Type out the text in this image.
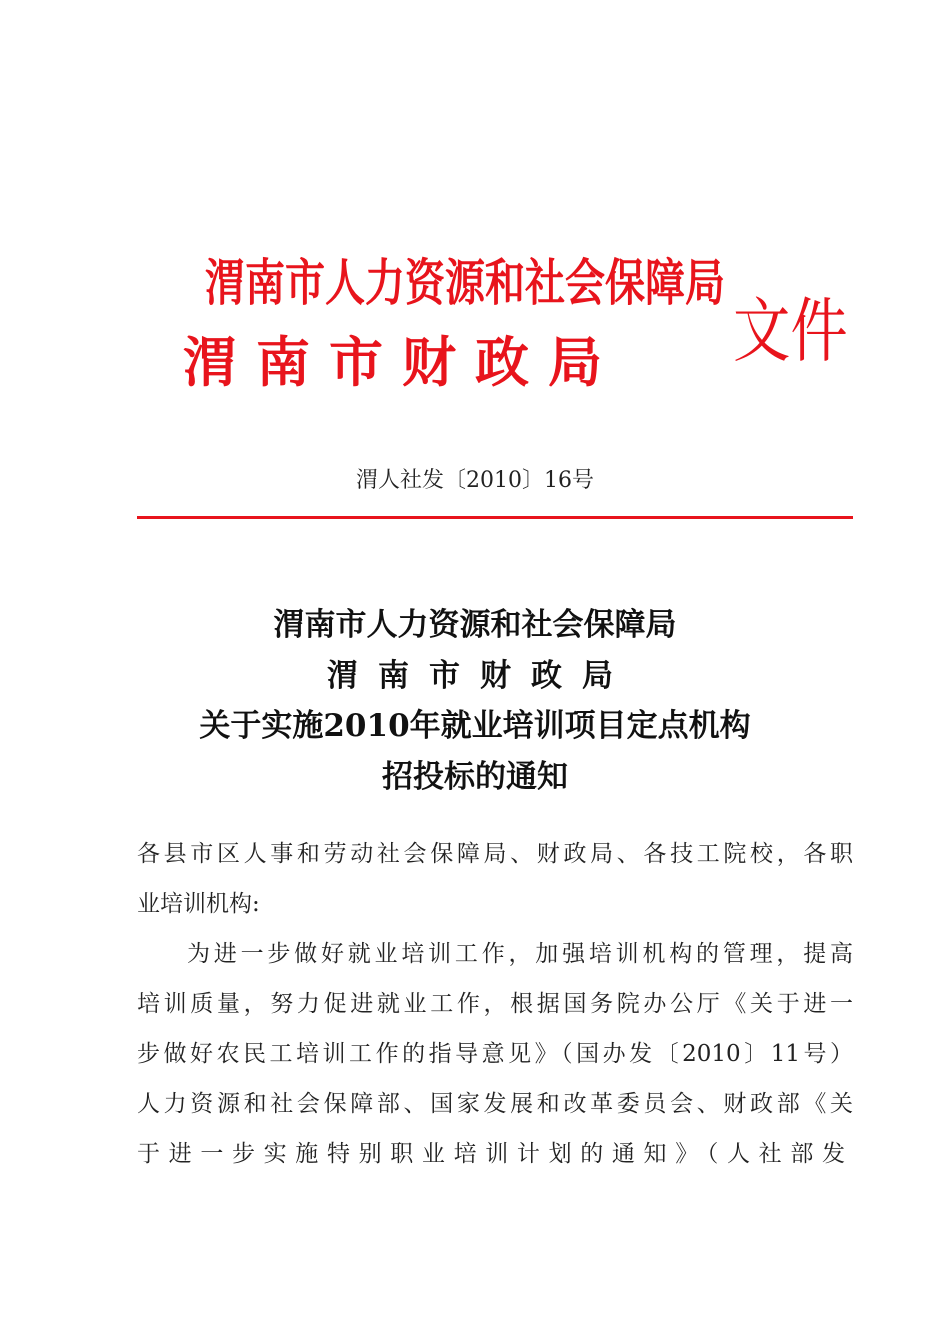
渭南市人力资源和社会保障局
渭南市财政局 文件
渭人社发〔2010〕16号
渭南市人力资源和社会保障局
渭南市财政局
关于实施2010年就业培训项目定点机构
招投标的通知
各县市区人事和劳动社会保障局、财政局、各技工院校，各职
业培训机构:
为进一步做好就业培训工作，加强培训机构的管理，提高
培训质量，努力促进就业工作，根据国务院办公厅《关于进一
步做好农民工培训工作的指导意见》（国办发〔2010〕11号）
人力资源和社会保障部、国家发展和改革委员会、财政部《关
于进一步实施特别职业培训计划的通知》（人社部发
